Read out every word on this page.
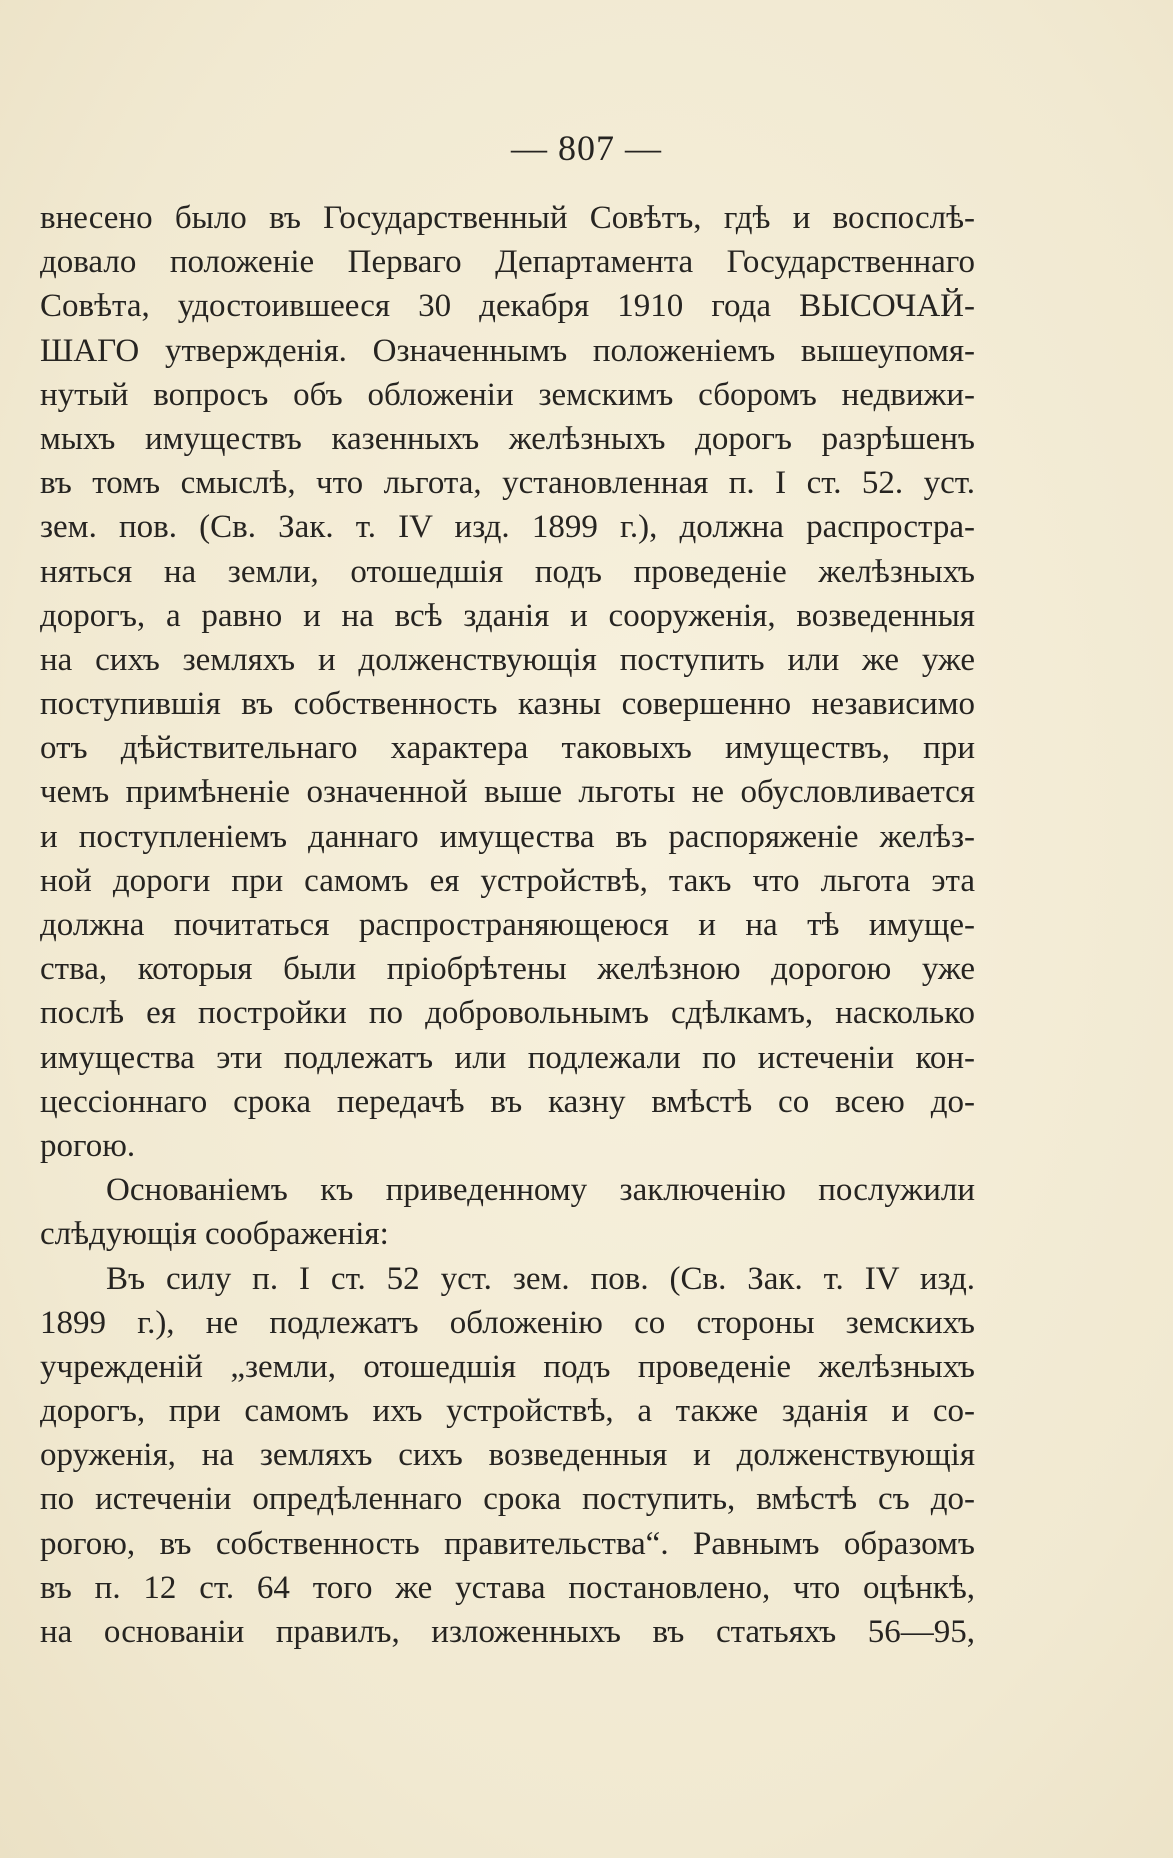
— 807 —
внесено было въ Государственный Совѣтъ, гдѣ и воспослѣ-
довало положеніе Перваго Департамента Государственнаго
Совѣта, удостоившееся 30 декабря 1910 года ВЫСОЧАЙ-
ШАГО утвержденія. Означеннымъ положеніемъ вышеупомя-
нутый вопросъ объ обложеніи земскимъ сборомъ недвижи-
мыхъ имуществъ казенныхъ желѣзныхъ дорогъ разрѣшенъ
въ томъ смыслѣ, что льгота, установленная п. I ст. 52. уст.
зем. пов. (Св. Зак. т. IV изд. 1899 г.), должна распростра-
няться на земли, отошедшія подъ проведеніе желѣзныхъ
дорогъ, а равно и на всѣ зданія и сооруженія, возведенныя
на сихъ земляхъ и долженствующія поступить или же уже
поступившія въ собственность казны совершенно независимо
отъ дѣйствительнаго характера таковыхъ имуществъ, при
чемъ примѣненіе означенной выше льготы не обусловливается
и поступленіемъ даннаго имущества въ распоряженіе желѣз-
ной дороги при самомъ ея устройствѣ, такъ что льгота эта
должна почитаться распространяющеюся и на тѣ имуще-
ства, которыя были пріобрѣтены желѣзною дорогою уже
послѣ ея постройки по добровольнымъ сдѣлкамъ, насколько
имущества эти подлежатъ или подлежали по истеченіи кон-
цессіоннаго срока передачѣ въ казну вмѣстѣ со всею до-
рогою.
Основаніемъ къ приведенному заключенію послужили
слѣдующія соображенія:
Въ силу п. I ст. 52 уст. зем. пов. (Св. Зак. т. IV изд.
1899 г.), не подлежатъ обложенію со стороны земскихъ
учрежденій „земли, отошедшія подъ проведеніе желѣзныхъ
дорогъ, при самомъ ихъ устройствѣ, а также зданія и со-
оруженія, на земляхъ сихъ возведенныя и долженствующія
по истеченіи опредѣленнаго срока поступить, вмѣстѣ съ до-
рогою, въ собственность правительства“. Равнымъ образомъ
въ п. 12 ст. 64 того же устава постановлено, что оцѣнкѣ,
на основаніи правилъ, изложенныхъ въ статьяхъ 56—95,
